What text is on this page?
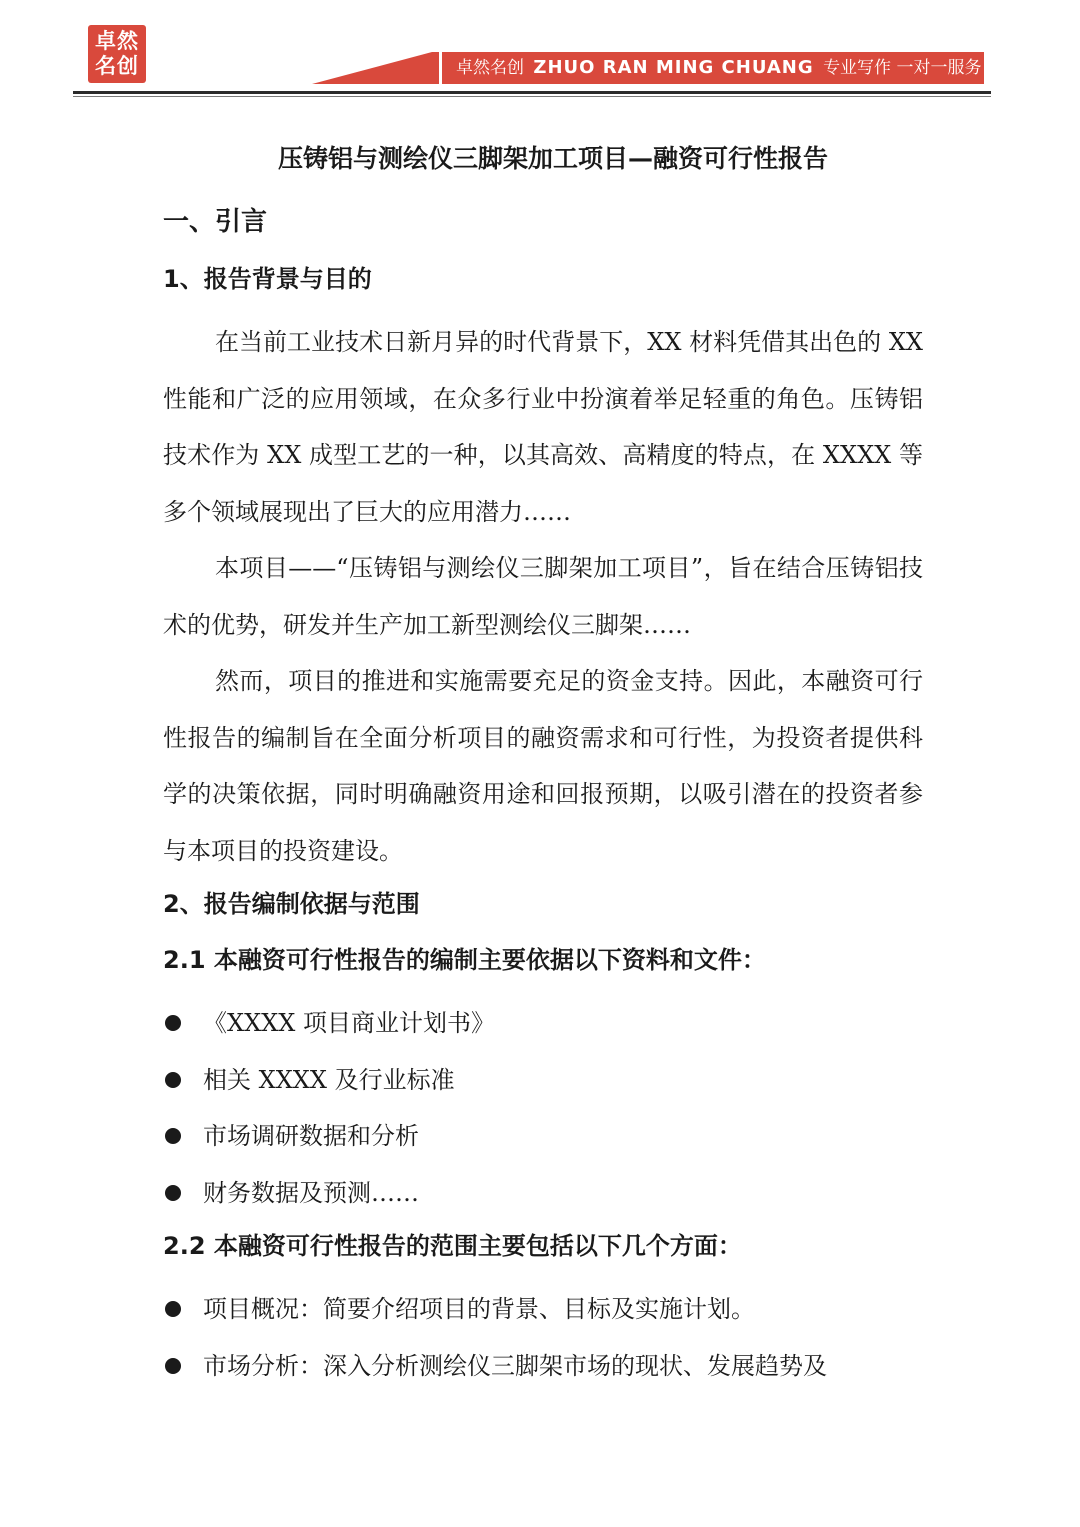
卓然
名创	卓然名创 ZHUO RAN MING CHUANG 专业写作 一对一服务
压铸铝与测绘仪三脚架加工项目—融资可行性报告
一、引言
1、报告背景与目的

在当前工业技术日新月异的时代背景下，XX 材料凭借其出色的 XX 性能和广泛的应用领域，在众多行业中扮演着举足轻重的角色。压铸铝技术作为 XX 成型工艺的一种，以其高效、高精度的特点，在 XXXX 等多个领域展现出了巨大的应用潜力……

本项目——“压铸铝与测绘仪三脚架加工项目”，旨在结合压铸铝技术的优势，研发并生产加工新型测绘仪三脚架……

然而，项目的推进和实施需要充足的资金支持。因此，本融资可行性报告的编制旨在全面分析项目的融资需求和可行性，为投资者提供科学的决策依据，同时明确融资用途和回报预期，以吸引潜在的投资者参与本项目的投资建设。

2、报告编制依据与范围
2.1 本融资可行性报告的编制主要依据以下资料和文件：
《XXXX 项目商业计划书》
相关 XXXX 及行业标准
市场调研数据和分析
财务数据及预测……
2.2 本融资可行性报告的范围主要包括以下几个方面：
项目概况：简要介绍项目的背景、目标及实施计划。
市场分析：深入分析测绘仪三脚架市场的现状、发展趋势及
